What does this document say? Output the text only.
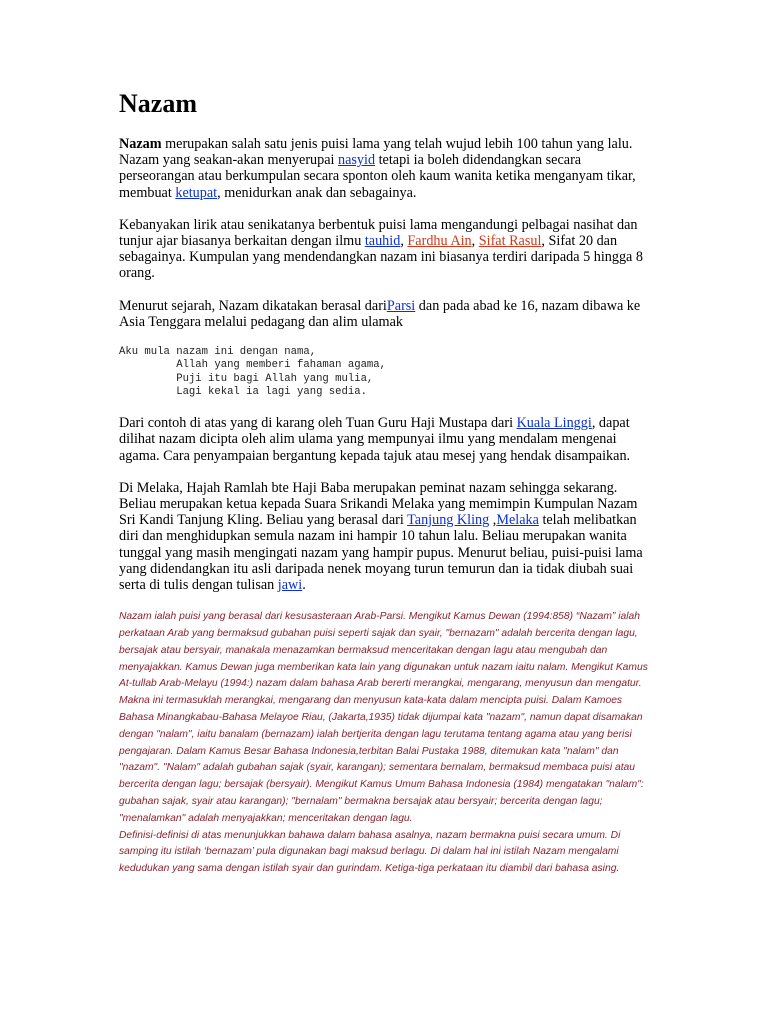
Nazam

Nazam merupakan salah satu jenis puisi lama yang telah wujud lebih 100 tahun yang lalu. Nazam yang seakan-akan menyerupai nasyid tetapi ia boleh didendangkan secara perseorangan atau berkumpulan secara sponton oleh kaum wanita ketika menganyam tikar, membuat ketupat, menidurkan anak dan sebagainya.

Kebanyakan lirik atau senikatanya berbentuk puisi lama mengandungi pelbagai nasihat dan tunjur ajar biasanya berkaitan dengan ilmu tauhid, Fardhu Ain, Sifat Rasul, Sifat 20 dan sebagainya. Kumpulan yang mendendangkan nazam ini biasanya terdiri daripada 5 hingga 8 orang.

Menurut sejarah, Nazam dikatakan berasal dariParsi dan pada abad ke 16, nazam dibawa ke Asia Tenggara melalui pedagang dan alim ulamak

Aku mula nazam ini dengan nama,
Allah yang memberi fahaman agama,
Puji itu bagi Allah yang mulia,
Lagi kekal ia lagi yang sedia.

Dari contoh di atas yang di karang oleh Tuan Guru Haji Mustapa dari Kuala Linggi, dapat dilihat nazam dicipta oleh alim ulama yang mempunyai ilmu yang mendalam mengenai agama. Cara penyampaian bergantung kepada tajuk atau mesej yang hendak disampaikan.

Di Melaka, Hajah Ramlah bte Haji Baba merupakan peminat nazam sehingga sekarang. Beliau merupakan ketua kepada Suara Srikandi Melaka yang memimpin Kumpulan Nazam Sri Kandi Tanjung Kling. Beliau yang berasal dari Tanjung Kling ,Melaka telah melibatkan diri dan menghidupkan semula nazam ini hampir 10 tahun lalu. Beliau merupakan wanita tunggal yang masih mengingati nazam yang hampir pupus. Menurut beliau, puisi-puisi lama yang didendangkan itu asli daripada nenek moyang turun temurun dan ia tidak diubah suai serta di tulis dengan tulisan jawi.

Nazam ialah puisi yang berasal dari kesusasteraan Arab-Parsi. Mengikut Kamus Dewan (1994:858) “Nazam” ialah perkataan Arab yang bermaksud gubahan puisi seperti sajak dan syair, "bernazam" adalah bercerita dengan lagu, bersajak atau bersyair, manakala menazamkan bermaksud menceritakan dengan lagu atau mengubah dan menyajakkan. Kamus Dewan juga memberikan kata lain yang digunakan untuk nazam iaitu nalam. Mengikut Kamus At-tullab Arab-Melayu (1994:) nazam dalam bahasa Arab bererti merangkai, mengarang, menyusun dan mengatur. Makna ini termasuklah merangkai, mengarang dan menyusun kata-kata dalam mencipta puisi. Dalam Kamoes Bahasa Minangkabau-Bahasa Melayoe Riau, (Jakarta,1935) tidak dijumpai kata "nazam", namun dapat disamakan dengan "nalam", iaitu banalam (bernazam) ialah bertjerita dengan lagu terutama tentang agama atau yang berisi pengajaran. Dalam Kamus Besar Bahasa Indonesia,terbitan Balai Pustaka 1988, ditemukan kata "nalam" dan "nazam". "Nalam" adalah gubahan sajak (syair, karangan); sementara bernalam, bermaksud membaca puisi atau bercerita dengan lagu; bersajak (bersyair). Mengikut Kamus Umum Bahasa Indonesia (1984) mengatakan "nalam": gubahan sajak, syair atau karangan); "bernalam" bermakna bersajak atau bersyair; bercerita dengan lagu; "menalamkan" adalah menyajakkan; menceritakan dengan lagu.

Definisi-definisi di atas menunjukkan bahawa dalam bahasa asalnya, nazam bermakna puisi secara umum. Di samping itu istilah ‘bernazam’ pula digunakan bagi maksud berlagu. Di dalam hal ini istilah Nazam mengalami kedudukan yang sama dengan istilah syair dan gurindam. Ketiga-tiga perkataan itu diambil dari bahasa asing.
